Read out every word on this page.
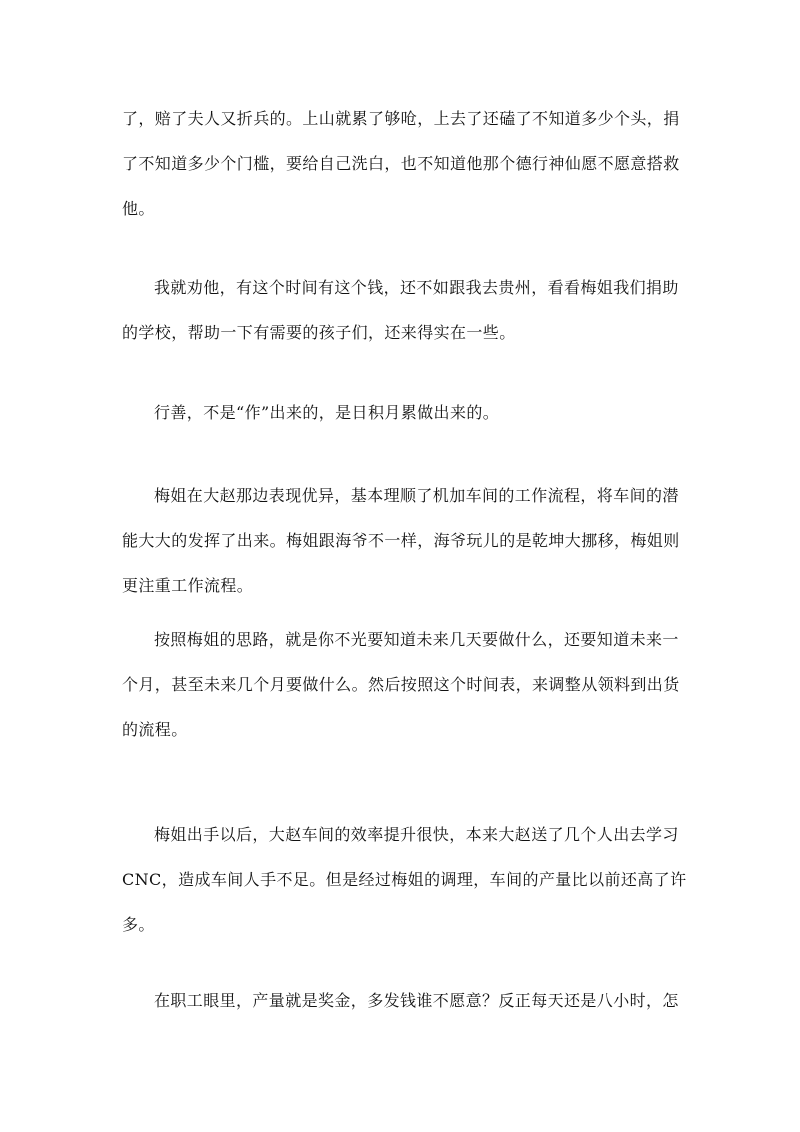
了，赔了夫人又折兵的。上山就累了够呛，上去了还磕了不知道多少个头，捐
了不知道多少个门槛，要给自己洗白，也不知道他那个德行神仙愿不愿意搭救
他。
我就劝他，有这个时间有这个钱，还不如跟我去贵州，看看梅姐我们捐助
的学校，帮助一下有需要的孩子们，还来得实在一些。
行善，不是“作”出来的，是日积月累做出来的。
梅姐在大赵那边表现优异，基本理顺了机加车间的工作流程，将车间的潜
能大大的发挥了出来。梅姐跟海爷不一样，海爷玩儿的是乾坤大挪移，梅姐则
更注重工作流程。
按照梅姐的思路，就是你不光要知道未来几天要做什么，还要知道未来一
个月，甚至未来几个月要做什么。然后按照这个时间表，来调整从领料到出货
的流程。
梅姐出手以后，大赵车间的效率提升很快，本来大赵送了几个人出去学习
CNC，造成车间人手不足。但是经过梅姐的调理，车间的产量比以前还高了许
多。
在职工眼里，产量就是奖金，多发钱谁不愿意？反正每天还是八小时，怎
